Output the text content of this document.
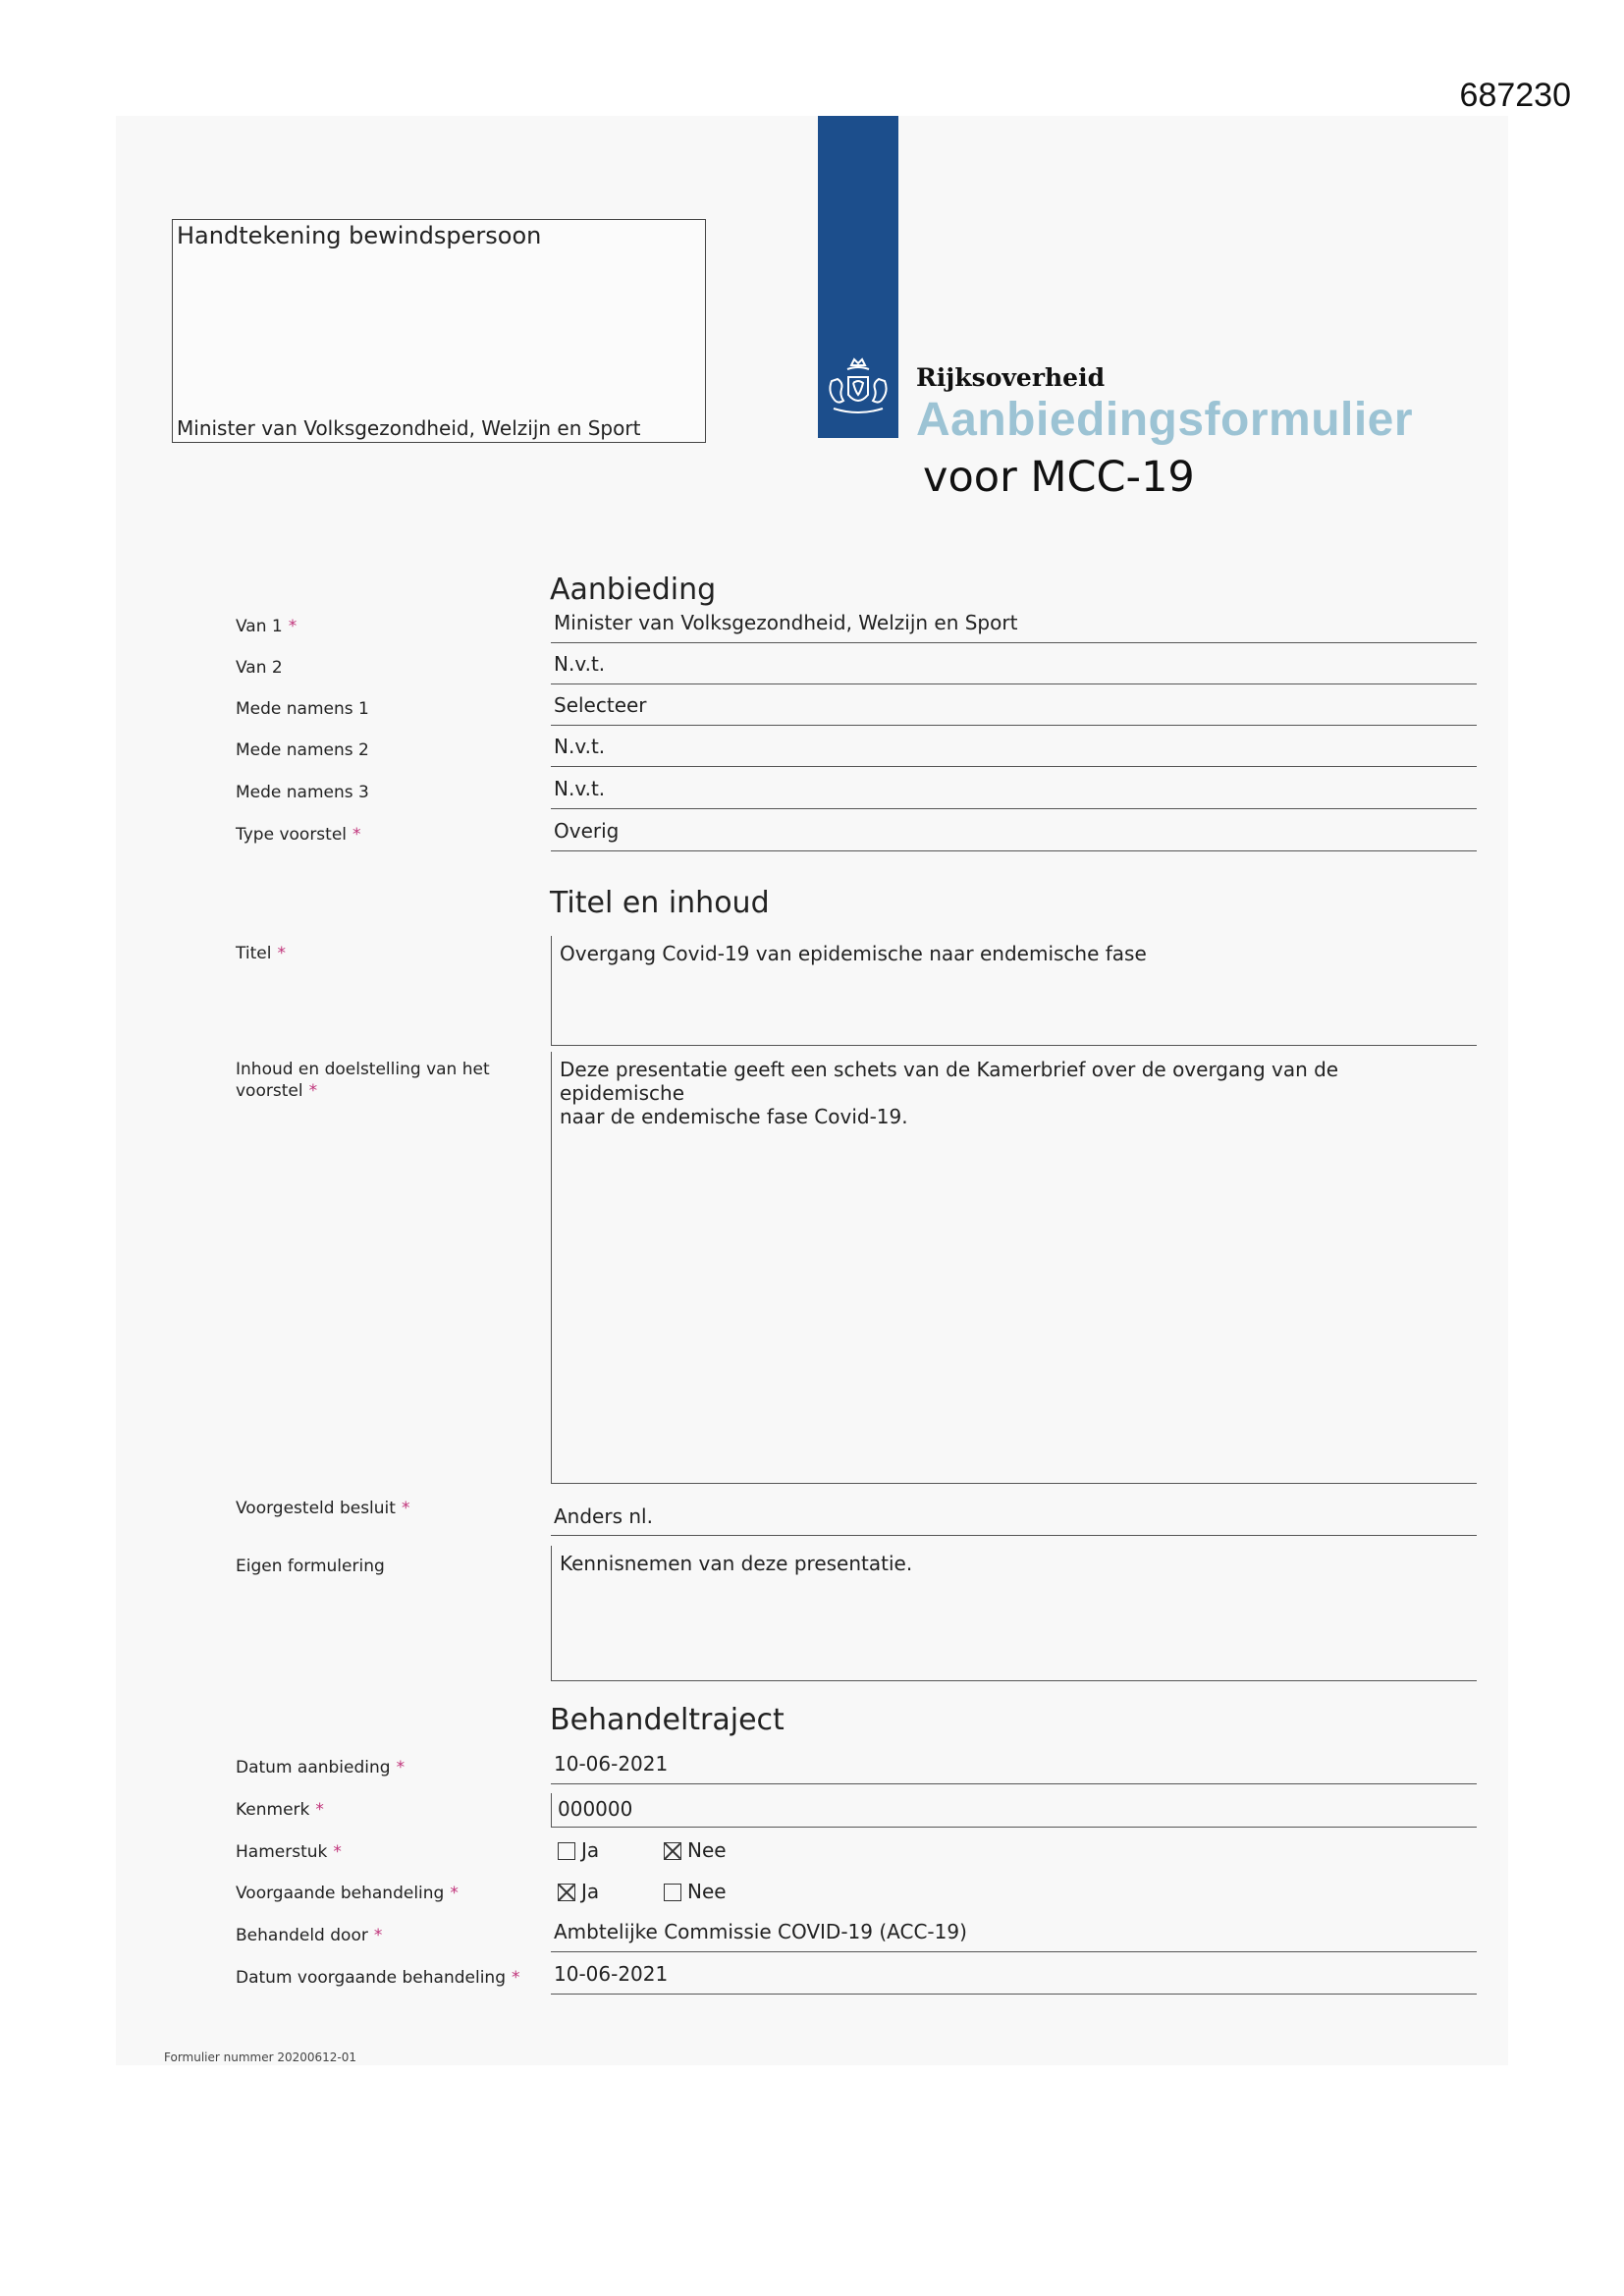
687230
Handtekening bewindspersoon
Minister van Volksgezondheid, Welzijn en Sport
Rijksoverheid
Aanbiedingsformulier
voor MCC-19
Aanbieding
Van 1 *	Minister van Volksgezondheid, Welzijn en Sport
Van 2	N.v.t.
Mede namens 1	Selecteer
Mede namens 2	N.v.t.
Mede namens 3	N.v.t.
Type voorstel *	Overig
Titel en inhoud
Titel *	Overgang Covid-19 van epidemische naar endemische fase
Inhoud en doelstelling van het
voorstel *
Deze presentatie geeft een schets van de Kamerbrief over de overgang van de epidemische
naar de endemische fase Covid-19.
Voorgesteld besluit *	Anders nl.
Eigen formulering	Kennisnemen van deze presentatie.
Behandeltraject
Datum aanbieding *	10-06-2021
Kenmerk *	000000
Hamerstuk *	Ja	Nee
Voorgaande behandeling *	Ja	Nee
Behandeld door *	Ambtelijke Commissie COVID-19 (ACC-19)
Datum voorgaande behandeling * 10-06-2021
Formulier nummer 20200612-01
